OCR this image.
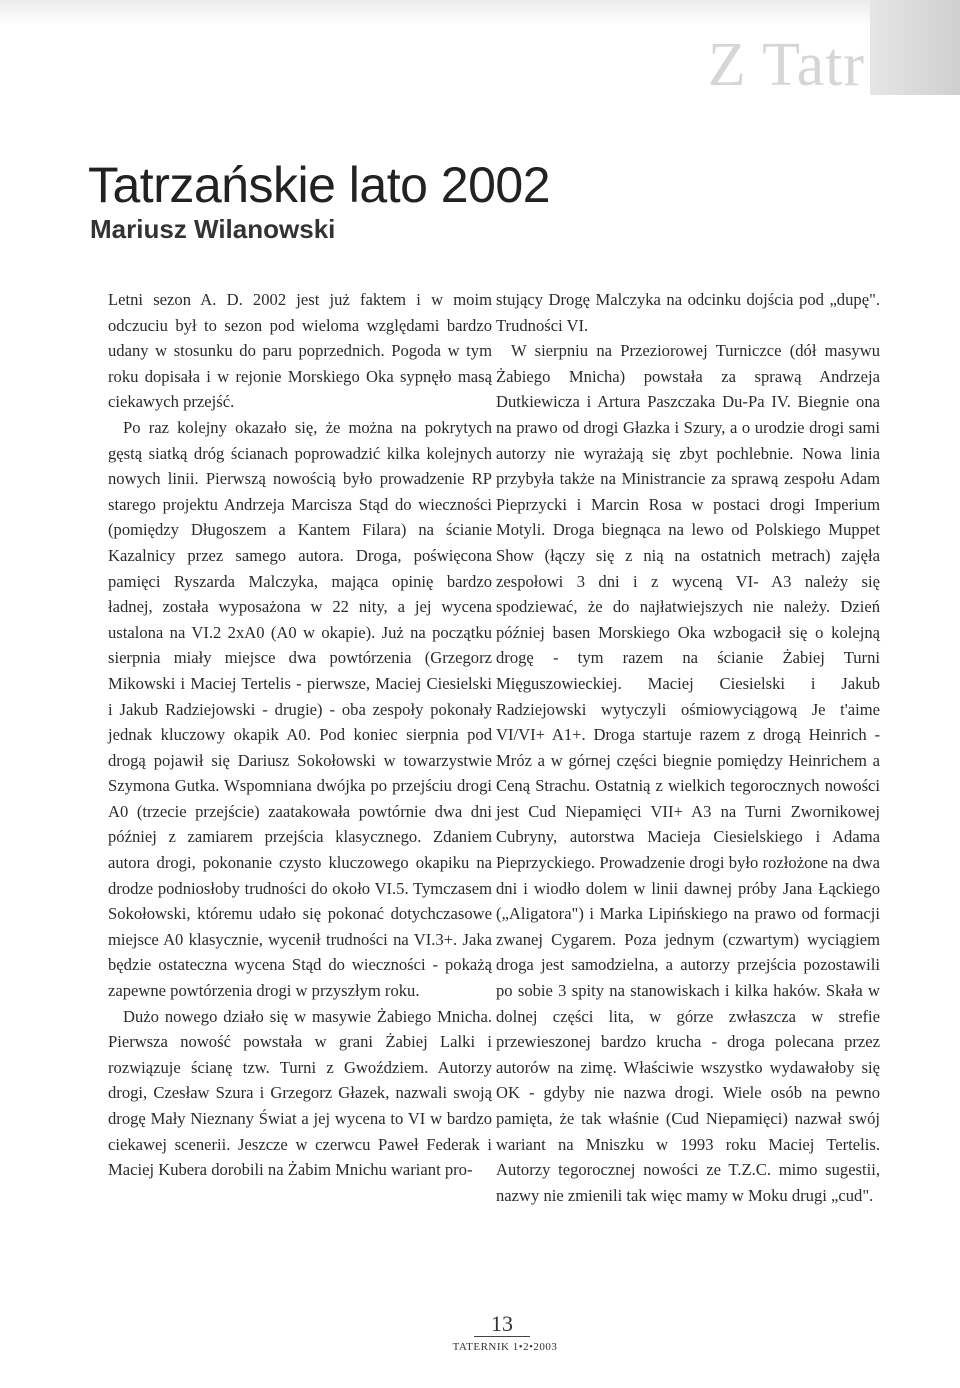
Z Tatr
Tatrzańskie lato 2002
Mariusz Wilanowski

Letni sezon A. D. 2002 jest już faktem i w moim odczuciu był to sezon pod wieloma względami bardzo udany w stosunku do paru poprzednich. Pogoda w tym roku dopisała i w rejonie Morskiego Oka sypnęło masą ciekawych przejść.

Po raz kolejny okazało się, że można na pokrytych gęstą siatką dróg ścianach poprowadzić kilka kolejnych nowych linii. Pierwszą nowością było prowadzenie RP starego projektu Andrzeja Marcisza Stąd do wieczności (pomiędzy Długoszem a Kantem Filara) na ścianie Kazalnicy przez samego autora. Droga, poświęcona pamięci Ryszarda Malczyka, mająca opinię bardzo ładnej, została wyposażona w 22 nity, a jej wycena ustalona na VI.2 2xA0 (A0 w okapie). Już na początku sierpnia miały miejsce dwa powtórzenia (Grzegorz Mikowski i Maciej Tertelis - pierwsze, Maciej Ciesielski i Jakub Radziejowski - drugie) - oba zespoły pokonały jednak kluczowy okapik A0. Pod koniec sierpnia pod drogą pojawił się Dariusz Sokołowski w towarzystwie Szymona Gutka. Wspomniana dwójka po przejściu drogi A0 (trzecie przejście) zaatakowała powtórnie dwa dni później z zamiarem przejścia klasycznego. Zdaniem autora drogi, pokonanie czysto kluczowego okapiku na drodze podniosłoby trudności do około VI.5. Tymczasem Sokołowski, któremu udało się pokonać dotychczasowe miejsce A0 klasycznie, wycenił trudności na VI.3+. Jaka będzie ostateczna wycena Stąd do wieczności - pokażą zapewne powtórzenia drogi w przyszłym roku.

Dużo nowego działo się w masywie Żabiego Mnicha. Pierwsza nowość powstała w grani Żabiej Lalki i rozwiązuje ścianę tzw. Turni z Gwoździem. Autorzy drogi, Czesław Szura i Grzegorz Głazek, nazwali swoją drogę Mały Nieznany Świat a jej wycena to VI w bardzo ciekawej scenerii. Jeszcze w czerwcu Paweł Federak i Maciej Kubera dorobili na Żabim Mnichu wariant pro-

stujący Drogę Malczyka na odcinku dojścia pod „dupę". Trudności VI.

W sierpniu na Przeziorowej Turniczce (dół masywu Żabiego Mnicha) powstała za sprawą Andrzeja Dutkiewicza i Artura Paszczaka Du-Pa IV. Biegnie ona na prawo od drogi Głazka i Szury, a o urodzie drogi sami autorzy nie wyrażają się zbyt pochlebnie. Nowa linia przybyła także na Ministrancie za sprawą zespołu Adam Pieprzycki i Marcin Rosa w postaci drogi Imperium Motyli. Droga biegnąca na lewo od Polskiego Muppet Show (łączy się z nią na ostatnich metrach) zajęła zespołowi 3 dni i z wyceną VI- A3 należy się spodziewać, że do najłatwiejszych nie należy. Dzień później basen Morskiego Oka wzbogacił się o kolejną drogę - tym razem na ścianie Żabiej Turni Mięguszowieckiej. Maciej Ciesielski i Jakub Radziejowski wytyczyli ośmiowyciągową Je t'aime VI/VI+ A1+. Droga startuje razem z drogą Heinrich - Mróz a w górnej części biegnie pomiędzy Heinrichem a Ceną Strachu. Ostatnią z wielkich tegorocznych nowości jest Cud Niepamięci VII+ A3 na Turni Zwornikowej Cubryny, autorstwa Macieja Ciesielskiego i Adama Pieprzyckiego. Prowadzenie drogi było rozłożone na dwa dni i wiodło dolem w linii dawnej próby Jana Łąckiego („Aligatora") i Marka Lipińskiego na prawo od formacji zwanej Cygarem. Poza jednym (czwartym) wyciągiem droga jest samodzielna, a autorzy przejścia pozostawili po sobie 3 spity na stanowiskach i kilka haków. Skała w dolnej części lita, w górze zwłaszcza w strefie przewieszonej bardzo krucha - droga polecana przez autorów na zimę. Właściwie wszystko wydawałoby się OK - gdyby nie nazwa drogi. Wiele osób na pewno pamięta, że tak właśnie (Cud Niepamięci) nazwał swój wariant na Mniszku w 1993 roku Maciej Tertelis. Autorzy tegorocznej nowości ze T.Z.C. mimo sugestii, nazwy nie zmienili tak więc mamy w Moku drugi „cud".

13
TATERNIK 1•2•2003
